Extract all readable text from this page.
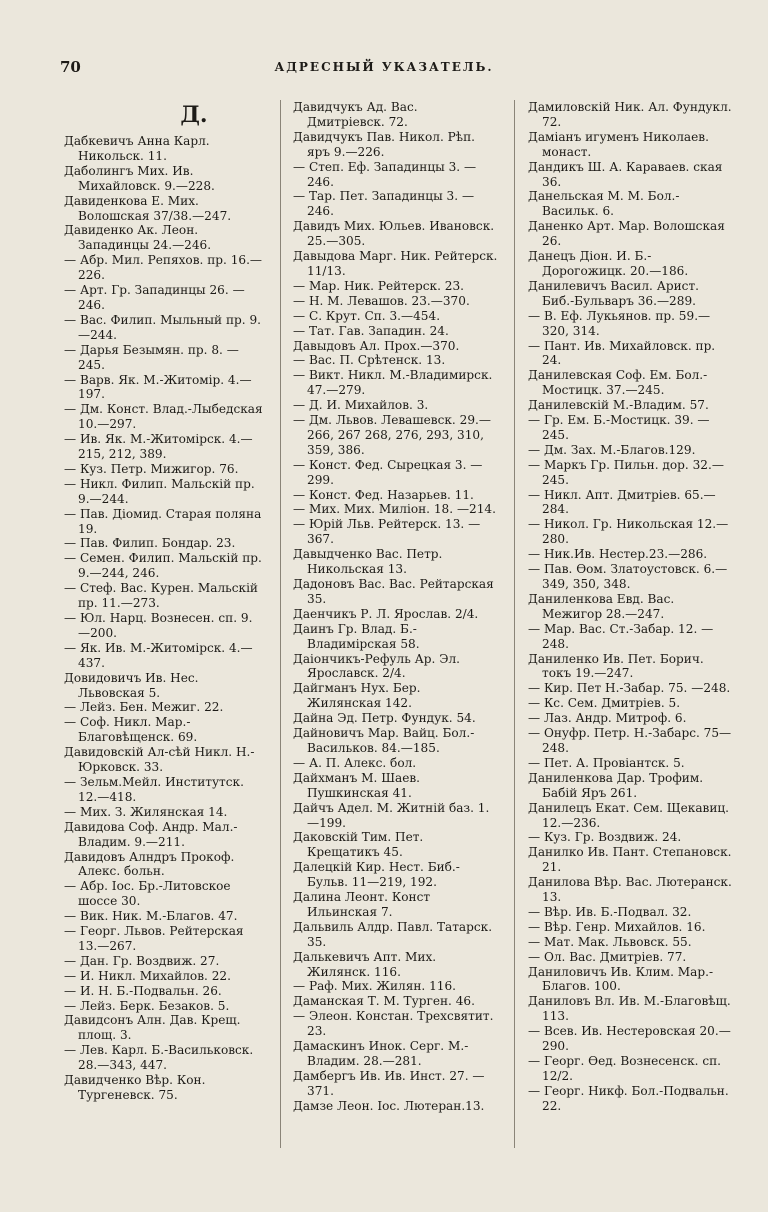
70	АДРЕСНЫЙ УКАЗАТЕЛЬ.
Д.

Дабкевичъ Анна Карл. Никольск. 11.

Даболингъ Мих. Ив. Михайловск. 9.—228.

Давиденкова Е. Мих. Волошская 37/38.—247.

Давиденко Ак. Леон. Западинцы 24.—246.

— Абр. Мил. Репяхов. пр. 16.—226.

— Арт. Гр. Западинцы 26. —246.

— Вас. Филип. Мыльный пр. 9.—244.

— Дарья Безымян. пр. 8. —245.

— Варв. Як. М.-Житомір. 4.—197.

— Дм. Конст. Влад.-Лыбедская 10.—297.

— Ив. Як. М.-Житомірск. 4.—215, 212, 389.

— Куз. Петр. Мижигор. 76.

— Никл. Филип. Мальскій пр. 9.—244.

— Пав. Діомид. Старая поляна 19.

— Пав. Филип. Бондар. 23.

— Семен. Филип. Мальскій пр. 9.—244, 246.

— Стеф. Вас. Курен. Мальскій пр. 11.—273.

— Юл. Нарц. Вознесен. сп. 9.—200.

— Як. Ив. М.-Житомірск. 4.—437.

Довидовичъ Ив. Нес. Львовская 5.

— Лейз. Бен. Межиг. 22.

— Соф. Никл. Мар.-Благовѣщенск. 69.

Давидовскій Ал-сѣй Никл. Н.-Юрковск. 33.

— Зельм.Мейл. Институтск. 12.—418.

— Мих. З. Жилянская 14.

Давидова Соф. Андр. Мал.-Владим. 9.—211.

Давидовъ Алндръ Прокоф. Алекс. больн.

— Абр. Іос. Бр.-Литовское шоссе 30.

— Вик. Ник. М.-Благов. 47.

— Георг. Львов. Рейтерская 13.—267.

— Дан. Гр. Воздвиж. 27.

— И. Никл. Михайлов. 22.

— И. Н. Б.-Подвальн. 26.

— Лейз. Берк. Безаков. 5.

Давидсонъ Алн. Дав. Крещ. площ. 3.

— Лев. Карл. Б.-Васильковск. 28.—343, 447.

Давидченко Вѣр. Кон. Тургеневск. 75.

Давидчукъ Ад. Вас. Дмитріевск. 72.

Давидчукъ Пав. Никол. Рѣп. яръ 9.—226.

— Степ. Еф. Западинцы 3. —246.

— Тар. Пет. Западинцы 3. —246.

Давидъ Мих. Юльев. Ивановск. 25.—305.

Давыдова Марг. Ник. Рейтерск. 11/13.

— Мар. Ник. Рейтерск. 23.

— Н. М. Левашов. 23.—370.

— С. Крут. Сп. 3.—454.

— Тат. Гав. Западин. 24.

Давыдовъ Ал. Прох.—370.

— Вас. П. Срѣтенск. 13.

— Викт. Никл. М.-Владимирск. 47.—279.

— Д. И. Михайлов. 3.

— Дм. Львов. Левашевск. 29.—266, 267 268, 276, 293, 310, 359, 386.

— Конст. Фед. Сырецкая 3. —299.

— Конст. Фед. Назарьев. 11.

— Мих. Мих. Миліон. 18. —214.

— Юрій Льв. Рейтерск. 13. —367.

Давыдченко Вас. Петр. Никольская 13.

Дадоновъ Вас. Вас. Рейтарская 35.

Даенчикъ Р. Л. Ярослав. 2/4.

Даинъ Гр. Влад. Б.-Владимірская 58.

Даіончикъ-Рефуль Ар. Эл. Ярославск. 2/4.

Дайгманъ Нух. Бер. Жилянская 142.

Дайна Эд. Петр. Фундук. 54.

Дайновичъ Мар. Вайц. Бол.-Васильков. 84.—185.

— А. П. Алекс. бол.

Дайхманъ М. Шаев. Пушкинская 41.

Дайчъ Адел. М. Житній баз. 1.—199.

Даковскій Тим. Пет. Крещатикъ 45.

Далецкій Кир. Нест. Биб.-Бульв. 11—219, 192.

Далина Леонт. Конст Ильинская 7.

Дальвиль Алдр. Павл. Татарск. 35.

Далькевичъ Апт. Мих. Жилянск. 116.

— Раф. Мих. Жилян. 116.

Даманская Т. М. Турген. 46.

— Элеон. Констан. Трехсвятит. 23.

Дамаскинъ Инок. Серг. М.-Владим. 28.—281.

Дамбергъ Ив. Ив. Инст. 27. —371.

Дамзе Леон. Іос. Лютеран.13.

Дамиловскій Ник. Ал. Фундукл. 72.

Даміанъ игуменъ Николаев. монаст.

Дандикъ Ш. А. Караваев. ская 36.

Данельская М. М. Бол.-Васильк. 6.

Даненко Арт. Мар. Волошская 26.

Данецъ Діон. И. Б.-Дорогожицк. 20.—186.

Данилевичъ Васил. Арист. Биб.-Бульваръ 36.—289.

— В. Еф. Лукьянов. пр. 59.—320, 314.

— Пант. Ив. Михайловск. пр. 24.

Данилевская Соф. Ем. Бол.-Мостицк. 37.—245.

Данилевскій М.-Владим. 57.

— Гр. Ем. Б.-Мостицк. 39. —245.

— Дм. Зах. М.-Благов.129.

— Маркъ Гр. Пильн. дор. 32.—245.

— Никл. Апт. Дмитріев. 65.—284.

— Никол. Гр. Никольская 12.—280.

— Ник.Ив. Нестер.23.—286.

— Пав. Ѳом. Златоустовск. 6.—349, 350, 348.

Даниленкова Евд. Вас. Межигор 28.—247.

— Мар. Вас. Ст.-Забар. 12. —248.

Даниленко Ив. Пет. Борич. токъ 19.—247.

— Кир. Пет Н.-Забар. 75. —248.

— Кс. Сем. Дмитріев. 5.

— Лаз. Андр. Митроф. 6.

— Онуфр. Петр. Н.-Забарс. 75—248.

— Пет. А. Провіантск. 5.

Даниленкова Дар. Трофим. Бабій Яръ 261.

Данилецъ Екат. Сем. Щекавиц. 12.—236.

— Куз. Гр. Воздвиж. 24.

Данилко Ив. Пант. Степановск. 21.

Данилова Вѣр. Вас. Лютеранск. 13.

— Вѣр. Ив. Б.-Подвал. 32.

— Вѣр. Генр. Михайлов. 16.

— Мат. Мак. Львовск. 55.

— Ол. Вас. Дмитріев. 77.

Даниловичъ Ив. Клим. Мар.-Благов. 100.

Даниловъ Вл. Ив. М.-Благовѣщ. 113.

— Всев. Ив. Нестеровская 20.—290.

— Георг. Ѳед. Вознесенск. сп. 12/2.

— Георг. Никф. Бол.-Подвальн. 22.
